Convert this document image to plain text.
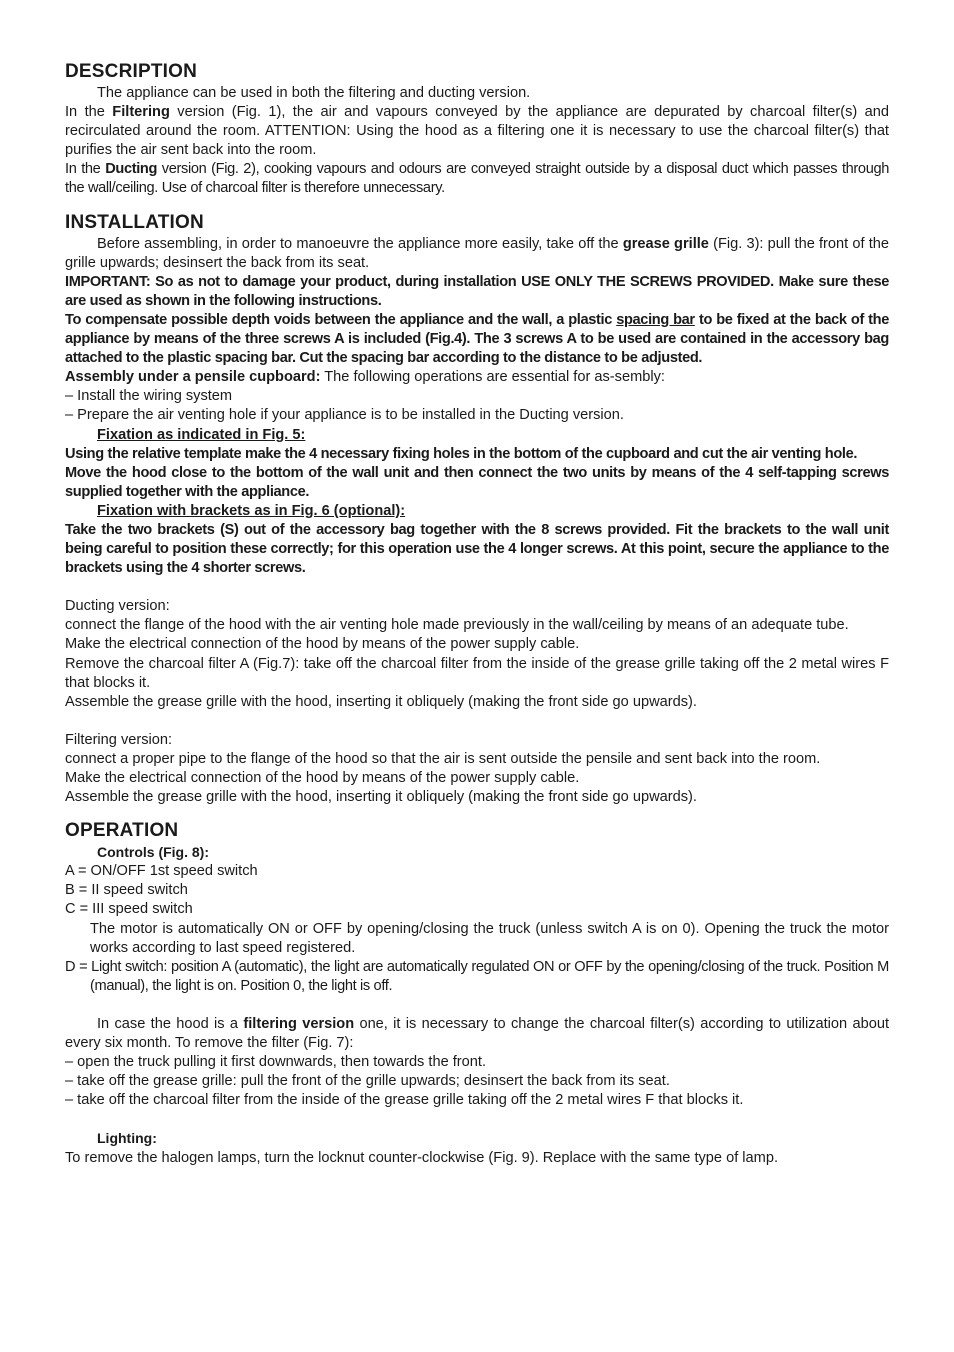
DESCRIPTION

The appliance can be used in both the filtering and ducting version.

In the Filtering version (Fig. 1), the air and vapours conveyed by the appliance are depurated by charcoal filter(s) and recirculated around the room. ATTENTION: Using the hood as a filtering one it is necessary to use the charcoal filter(s) that purifies the air sent back into the room.

In the Ducting version (Fig. 2), cooking vapours and odours are conveyed straight outside by a disposal duct which passes through the wall/ceiling. Use of charcoal filter is therefore unnecessary.

INSTALLATION

Before assembling, in order to manoeuvre the appliance more easily, take off the grease grille (Fig. 3): pull the front of the grille upwards; desinsert the back from its seat.

IMPORTANT: So as not to damage your product, during installation USE ONLY THE SCREWS PROVIDED. Make sure these are used as shown in the following instructions.

To compensate possible depth voids between the appliance and the wall, a plastic spacing bar to be fixed at the back of the appliance by means of the three screws A is included (Fig.4). The 3 screws A to be used are contained in the accessory bag attached to the plastic spacing bar. Cut the spacing bar according to the distance to be adjusted.

Assembly under a pensile cupboard: The following operations are essential for as-sembly:

– Install the wiring system

– Prepare the air venting hole if your appliance is to be installed in the Ducting version.

Fixation as indicated in Fig. 5:

Using the relative template make the 4 necessary fixing holes in the bottom of the cupboard and cut the air venting hole.

Move the hood close to the bottom of the wall unit and then connect the two units by means of the 4 self-tapping screws supplied together with the appliance.

Fixation with brackets as in Fig. 6 (optional):

Take the two brackets (S) out of the accessory bag together with the 8 screws provided. Fit the brackets to the wall unit being careful to position these correctly; for this operation use the 4 longer screws. At this point, secure the appliance to the brackets using the 4 shorter screws.

Ducting version:

connect the flange of the hood with the air venting hole made previously in the wall/ceiling by means of an adequate tube.

Make the electrical connection of the hood by means of the power supply cable.

Remove the charcoal filter A (Fig.7): take off the charcoal filter from the inside of the grease grille taking off the 2 metal wires F that blocks it.

Assemble the grease grille with the hood, inserting it obliquely (making the front side go upwards).

Filtering version:

connect a proper pipe to the flange of the hood so that the air is sent outside the pensile and sent back into the room.

Make the electrical connection of the hood by means of the power supply cable.

Assemble the grease grille with the hood, inserting it obliquely (making the front side go upwards).

OPERATION

Controls (Fig. 8):

A = ON/OFF 1st speed switch

B = II speed switch

C = III speed switch

The motor is automatically ON or OFF by opening/closing the truck (unless switch A is on 0). Opening the truck the motor works according to last speed registered.

D = Light switch: position A (automatic), the light are automatically regulated ON or OFF by the opening/closing of the truck. Position M (manual), the light is on. Position 0, the light is off.

In case the hood is a filtering version one, it is necessary to change the charcoal filter(s) according to utilization about every six month. To remove the filter (Fig. 7):

– open the truck pulling it first downwards, then towards the front.

– take off the grease grille: pull the front of the grille upwards; desinsert the back from its seat.

– take off the charcoal filter from the inside of the grease grille taking off the 2 metal wires F that blocks it.

Lighting:

To remove the halogen lamps, turn the locknut counter-clockwise (Fig. 9). Replace with the same type of lamp.
